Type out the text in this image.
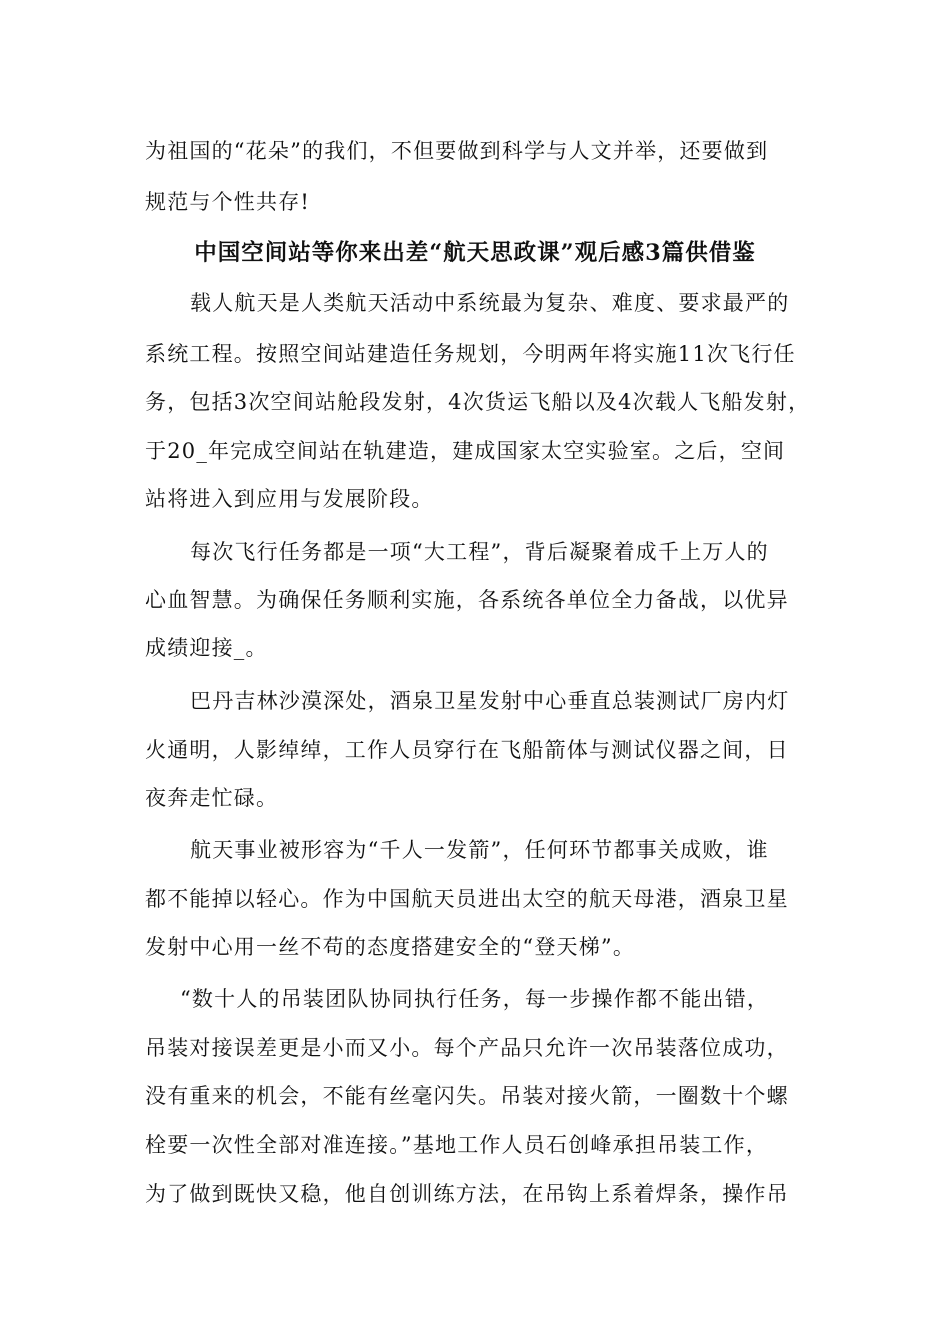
为祖国的“花朵”的我们，不但要做到科学与人文并举，还要做到
规范与个性共存!
中国空间站等你来出差“航天思政课”观后感3篇供借鉴
载人航天是人类航天活动中系统最为复杂、难度、要求最严的
系统工程。按照空间站建造任务规划，今明两年将实施11次飞行任
务，包括3次空间站舱段发射，4次货运飞船以及4次载人飞船发射，
于20_年完成空间站在轨建造，建成国家太空实验室。之后，空间
站将进入到应用与发展阶段。
每次飞行任务都是一项“大工程”，背后凝聚着成千上万人的
心血智慧。为确保任务顺利实施，各系统各单位全力备战，以优异
成绩迎接_。
巴丹吉林沙漠深处，酒泉卫星发射中心垂直总装测试厂房内灯
火通明，人影绰绰，工作人员穿行在飞船箭体与测试仪器之间，日
夜奔走忙碌。
航天事业被形容为“千人一发箭”，任何环节都事关成败，谁
都不能掉以轻心。作为中国航天员进出太空的航天母港，酒泉卫星
发射中心用一丝不苟的态度搭建安全的“登天梯”。
“数十人的吊装团队协同执行任务，每一步操作都不能出错，
吊装对接误差更是小而又小。每个产品只允许一次吊装落位成功，
没有重来的机会，不能有丝毫闪失。吊装对接火箭，一圈数十个螺
栓要一次性全部对准连接。”基地工作人员石创峰承担吊装工作，
为了做到既快又稳，他自创训练方法，在吊钩上系着焊条，操作吊
